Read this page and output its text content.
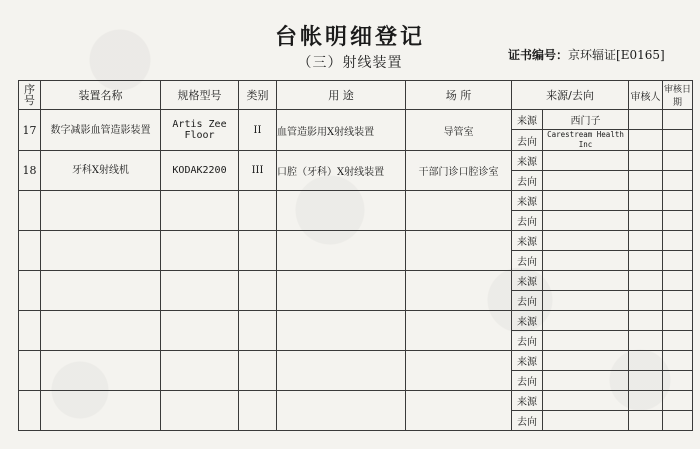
台帐明细登记
（三）射线装置	证书编号：京环辐证[E0165]
序号	装置名称	规格型号	类别	用 途	场 所	来源/去向		审核人	审核日期
17	数字减影血管造影装置	Artis Zee Floor	II	血管造影用X射线装置	导管室	来源	西门子		
						去向	Carestream Health Inc		
18	牙科X射线机	KODAK2200	III	口腔（牙科）X射线装置	干部门诊口腔诊室	来源			
						去向			
						来源			
						去向			
						来源			
						去向			
						来源			
						去向			
						来源			
						去向			
						来源			
						去向			
						来源			
						去向			
